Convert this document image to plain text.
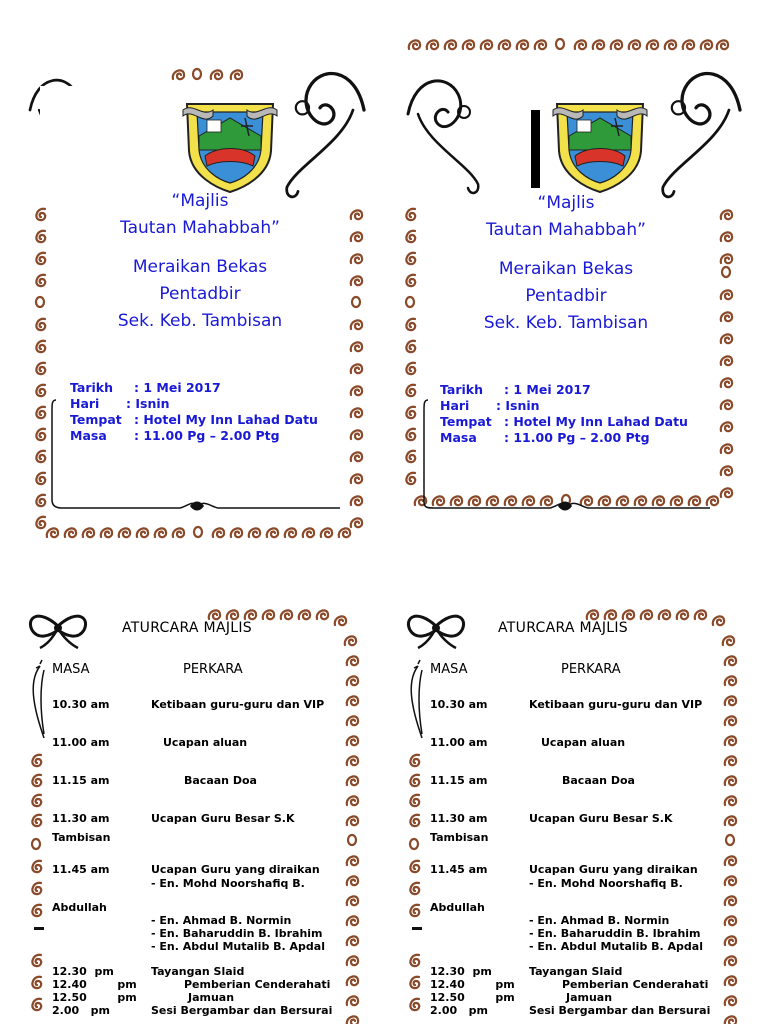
“Majlis
Tautan Mahabbah”
Meraikan Bekas
Pentadbir
Sek. Keb. Tambisan
Tarikh : 1 Mei 2017
Hari : Isnin
Tempat : Hotel My Inn Lahad Datu
Masa : 11.00 Pg – 2.00 Ptg
“Majlis
Tautan Mahabbah”
Meraikan Bekas
Pentadbir
Sek. Keb. Tambisan
Tarikh : 1 Mei 2017
Hari : Isnin
Tempat : Hotel My Inn Lahad Datu
Masa : 11.00 Pg – 2.00 Ptg
ATURCARA MAJLIS
MASA	PERKARA
10.30 am	Ketibaan guru-guru dan VIP
11.00 am	Ucapan aluan
11.15 am	Bacaan Doa
11.30 am	Ucapan Guru Besar S.K
Tambisan
11.45 am	Ucapan Guru yang diraikan
- En. Mohd Noorshafiq B.
Abdullah
- En. Ahmad B. Normin
- En. Baharuddin B. Ibrahim
- En. Abdul Mutalib B. Apdal
12.30  pm	Tayangan Slaid
12.40        pm	Pemberian Cenderahati
12.50        pm	Jamuan
2.00   pm	Sesi Bergambar dan Bersurai
ATURCARA MAJLIS
MASA	PERKARA
10.30 am	Ketibaan guru-guru dan VIP
11.00 am	Ucapan aluan
11.15 am	Bacaan Doa
11.30 am	Ucapan Guru Besar S.K
Tambisan
11.45 am	Ucapan Guru yang diraikan
- En. Mohd Noorshafiq B.
Abdullah
- En. Ahmad B. Normin
- En. Baharuddin B. Ibrahim
- En. Abdul Mutalib B. Apdal
12.30  pm	Tayangan Slaid
12.40        pm	Pemberian Cenderahati
12.50        pm	Jamuan
2.00   pm	Sesi Bergambar dan Bersurai
